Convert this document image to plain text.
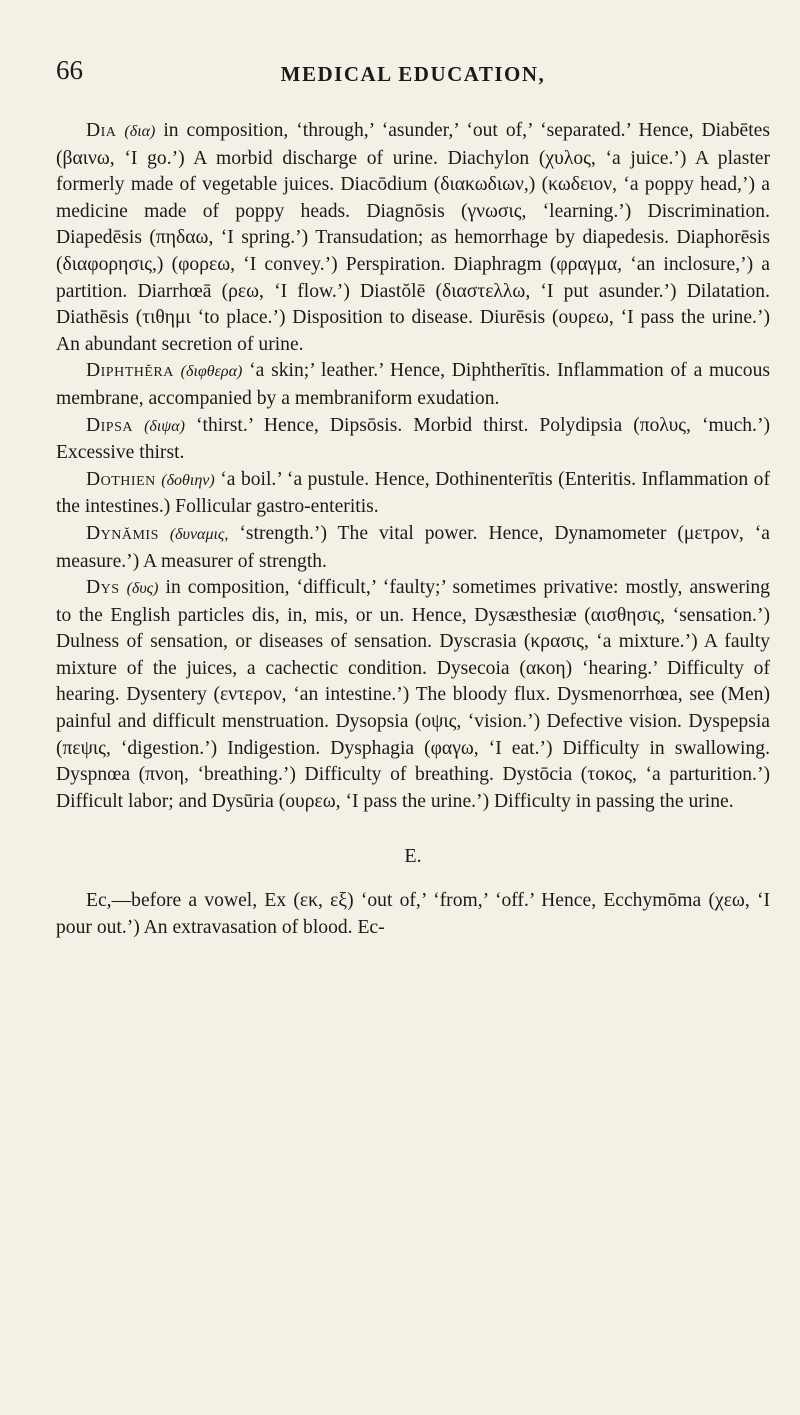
66	MEDICAL EDUCATION,

Dia (δια) in composition, ‘through,’ ‘asunder,’ ‘out of,’ ‘separated.’ Hence, Diabētes (βαινω, ‘I go.’) A morbid discharge of urine. Diachylon (χυλος, ‘a juice.’) A plaster formerly made of vegetable juices. Diacōdium (διακωδιων,) (κωδειον, ‘a poppy head,’) a medicine made of poppy heads. Diagnōsis (γνωσις, ‘learning.’) Discrimination. Diapedēsis (πηδαω, ‘I spring.’) Transudation; as hemorrhage by diapedesis. Diaphorēsis (διαφορησις,) (φορεω, ‘I convey.’) Perspiration. Diaphragm (φραγμα, ‘an inclosure,’) a partition. Diarrhœā (ρεω, ‘I flow.’) Diastŏlē (διαστελλω, ‘I put asunder.’) Dilatation. Diathēsis (τιθημι ‘to place.’) Disposition to disease. Diurēsis (ουρεω, ‘I pass the urine.’) An abundant secretion of urine.

Diphthĕra (διφθερα) ‘a skin;’ leather.’ Hence, Diphtherītis. Inflammation of a mucous membrane, accompanied by a membraniform exudation.

Dipsa (διψα) ‘thirst.’ Hence, Dipsōsis. Morbid thirst. Polydipsia (πολυς, ‘much.’) Excessive thirst.

Dothien (δοθιην) ‘a boil.’ ‘a pustule. Hence, Dothinenterītis (Enteritis. Inflammation of the intestines.) Follicular gastro-enteritis.

Dynămis (δυναμις, ‘strength.’) The vital power. Hence, Dynamometer (μετρον, ‘a measure.’) A measurer of strength.

Dys (δυς) in composition, ‘difficult,’ ‘faulty;’ sometimes privative: mostly, answering to the English particles dis, in, mis, or un. Hence, Dysæsthesiæ (αισθησις, ‘sensation.’) Dulness of sensation, or diseases of sensation. Dyscrasia (κρασις, ‘a mixture.’) A faulty mixture of the juices, a cachectic condition. Dysecoia (ακοη) ‘hearing.’ Difficulty of hearing. Dysentery (εντερον, ‘an intestine.’) The bloody flux. Dysmenorrhœa, see (Men) painful and difficult menstruation. Dysopsia (οψις, ‘vision.’) Defective vision. Dyspepsia (πεψις, ‘digestion.’) Indigestion. Dysphagia (φαγω, ‘I eat.’) Difficulty in swallowing. Dyspnœa (πνοη, ‘breathing.’) Difficulty of breathing. Dystōcia (τοκος, ‘a parturition.’) Difficult labor; and Dysūria (ουρεω, ‘I pass the urine.’) Difficulty in passing the urine.

E.

Ec,—before a vowel, Ex (εκ, εξ) ‘out of,’ ‘from,’ ‘off.’ Hence, Ecchymōma (χεω, ‘I pour out.’) An extravasation of blood. Ec-
